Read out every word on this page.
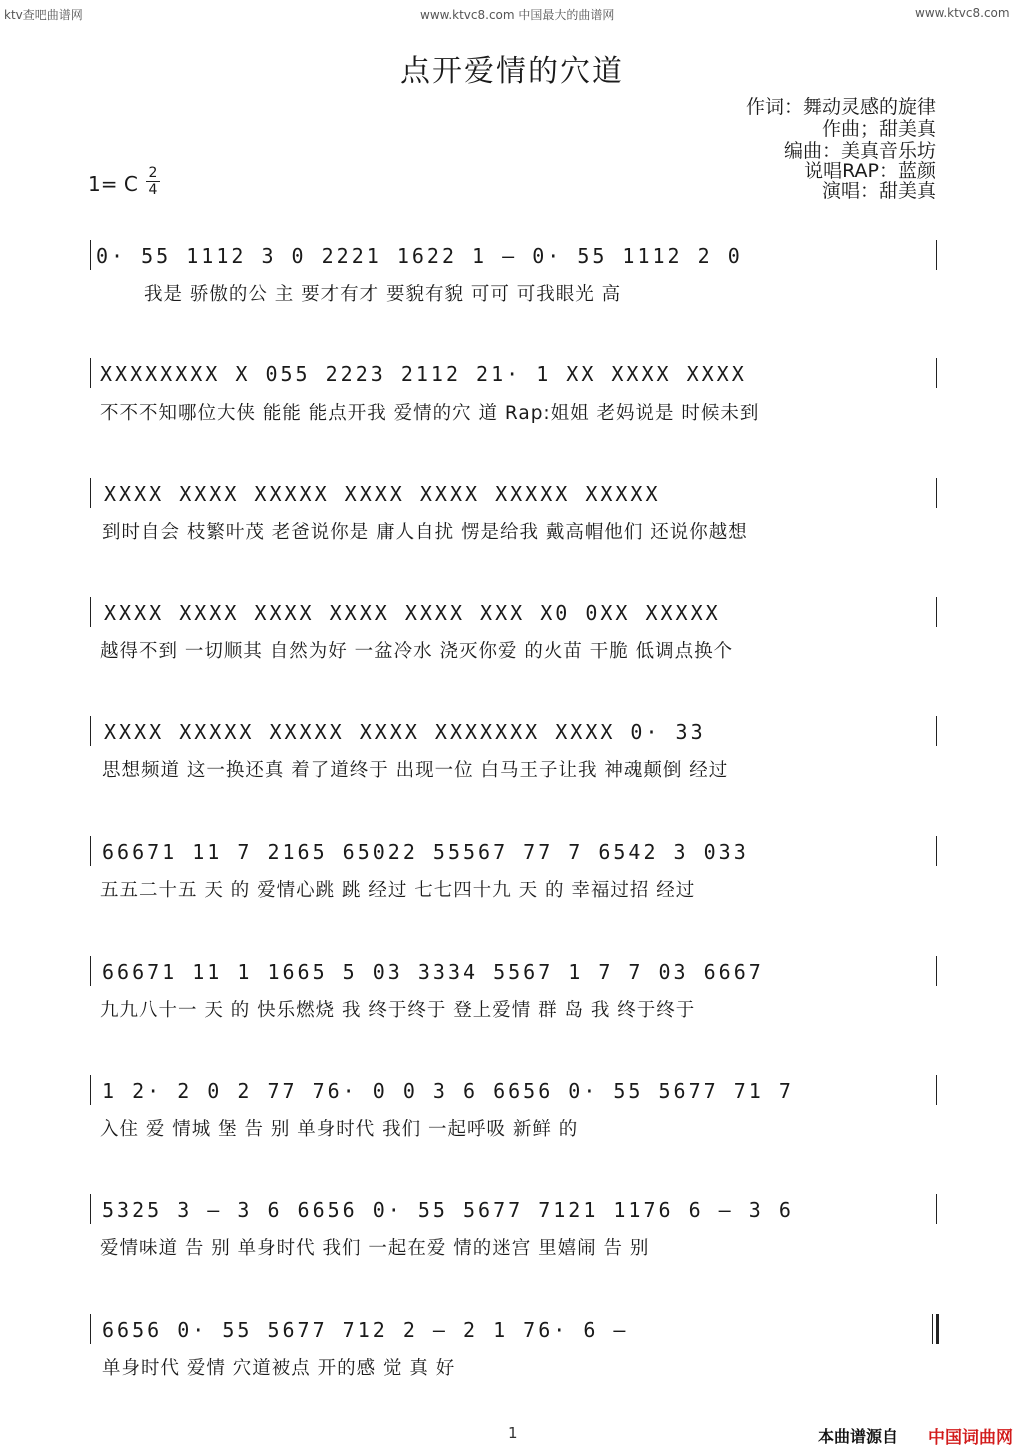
ktv查吧曲谱网	www.ktvc8.com 中国最大的曲谱网	www.ktvc8.com
点开爱情的穴道
作词：舞动灵感的旋律
作曲；甜美真
编曲：美真音乐坊
说唱RAP：蓝颜
演唱：甜美真
1= C 2
4
0· 55 1112 3 0 2221 1622 1 – 0· 55 1112 2 0
我是 骄傲的公 主 要才有才 要貌有貌 可可 可我眼光 高
XXXXXXXX X 055 2223 2112 21· 1 XX XXXX XXXX
不不不知哪位大侠 能能 能点开我 爱情的穴 道 Rap:姐姐 老妈说是 时候未到
XXXX XXXX XXXXX XXXX XXXX XXXXX XXXXX
到时自会 枝繁叶茂 老爸说你是 庸人自扰 愣是给我 戴高帽他们 还说你越想
XXXX XXXX XXXX XXXX XXXX XXX X0 0XX XXXXX
越得不到 一切顺其 自然为好 一盆冷水 浇灭你爱 的火苗 干脆 低调点换个
XXXX XXXXX XXXXX XXXX XXXXXXX XXXX 0· 33
思想频道 这一换还真 着了道终于 出现一位 白马王子让我 神魂颠倒 经过
66671 11 7 2165 65022 55567 77 7 6542 3 033
五五二十五 天 的 爱情心跳 跳 经过 七七四十九 天 的 幸福过招 经过
66671 11 1 1665 5 03 3334 5567 1 7 7 03 6667
九九八十一 天 的 快乐燃烧 我 终于终于 登上爱情 群 岛 我 终于终于
1 2· 2 0 2 77 76· 0 0 3 6 6656 0· 55 5677 71 7
入住 爱 情城 堡 告 别 单身时代 我们 一起呼吸 新鲜 的
5325 3 – 3 6 6656 0· 55 5677 7121 1176 6 – 3 6
爱情味道 告 别 单身时代 我们 一起在爱 情的迷宫 里嬉闹 告 别
6656 0· 55 5677 712 2 – 2 1 76· 6 –
单身时代 爱情 穴道被点 开的感 觉 真 好
1	本曲谱源自 中国词曲网
